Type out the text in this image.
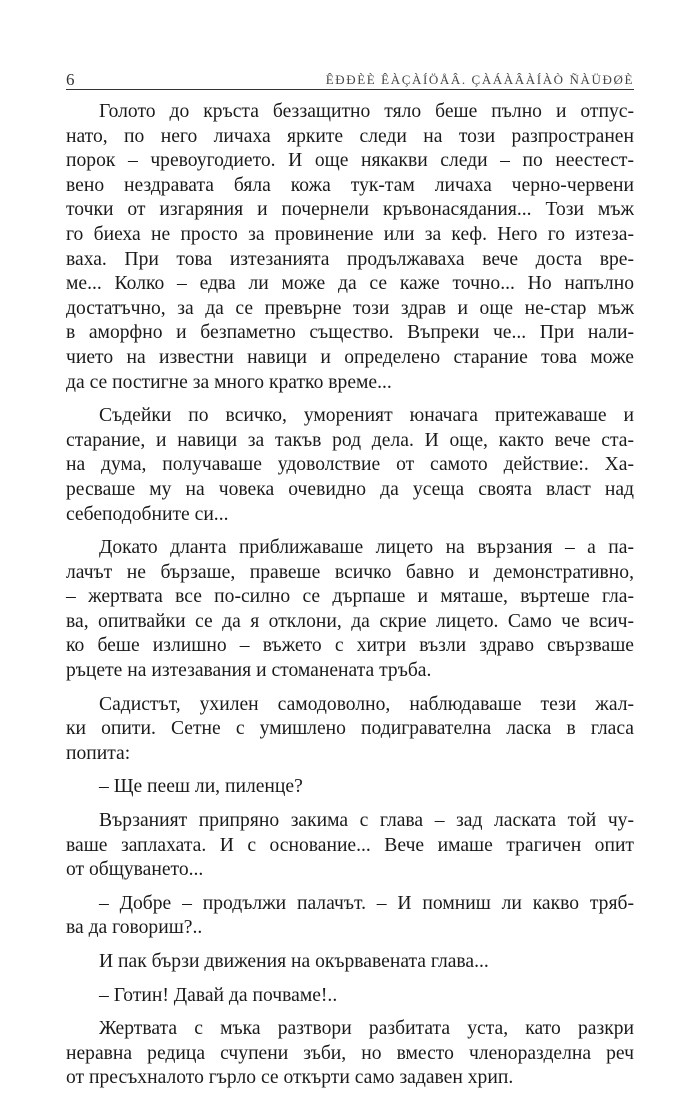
6	ÊÐÐÈÈ ÊÀÇÀÍÖÅÂ. ÇÀÁÀÂÀÍÀÒ ÑÀÜÐØÈ
Голото до кръста беззащитно тяло беше пълно и отпус-
нато, по него личаха ярките следи на този разпространен
порок – чревоугодието. И още някакви следи – по неестест-
вено нездравата бяла кожа тук-там личаха черно-червени
точки от изгаряния и почернели кръвонасядания... Този мъж
го биеха не просто за провинение или за кеф. Него го изтеза-
ваха. При това изтезанията продължаваха вече доста вре-
ме... Колко – едва ли може да се каже точно... Но напълно
достатъчно, за да се превърне този здрав и още не-стар мъж
в аморфно и безпаметно същество. Въпреки че... При нали-
чието на известни навици и определено старание това може
да се постигне за много кратко време...
Съдейки по всичко, умореният юначага притежаваше и
старание, и навици за такъв род дела. И още, както вече ста-
на дума, получаваше удоволствие от самото действие:. Ха-
ресваше му на човека очевидно да усеща своята власт над
себеподобните си...
Докато дланта приближаваше лицето на вързания – а па-
лачът не бързаше, правеше всичко бавно и демонстративно,
– жертвата все по-силно се дърпаше и мяташе, въртеше гла-
ва, опитвайки се да я отклони, да скрие лицето. Само че всич-
ко беше излишно – въжето с хитри възли здраво свързваше
ръцете на изтезавания и стоманената тръба.
Садистът, ухилен самодоволно, наблюдаваше тези жал-
ки опити. Сетне с умишлено подигравателна ласка в гласа
попита:
– Ще пееш ли, пиленце?
Вързаният припряно закима с глава – зад ласката той чу-
ваше заплахата. И с основание... Вече имаше трагичен опит
от общуването...
– Добре – продължи палачът. – И помниш ли какво тряб-
ва да говориш?..
И пак бързи движения на окървавената глава...
– Готин! Давай да почваме!..
Жертвата с мъка разтвори разбитата уста, като разкри
неравна редица счупени зъби, но вместо членоразделна реч
от пресъхналото гърло се откърти само задавен хрип.
